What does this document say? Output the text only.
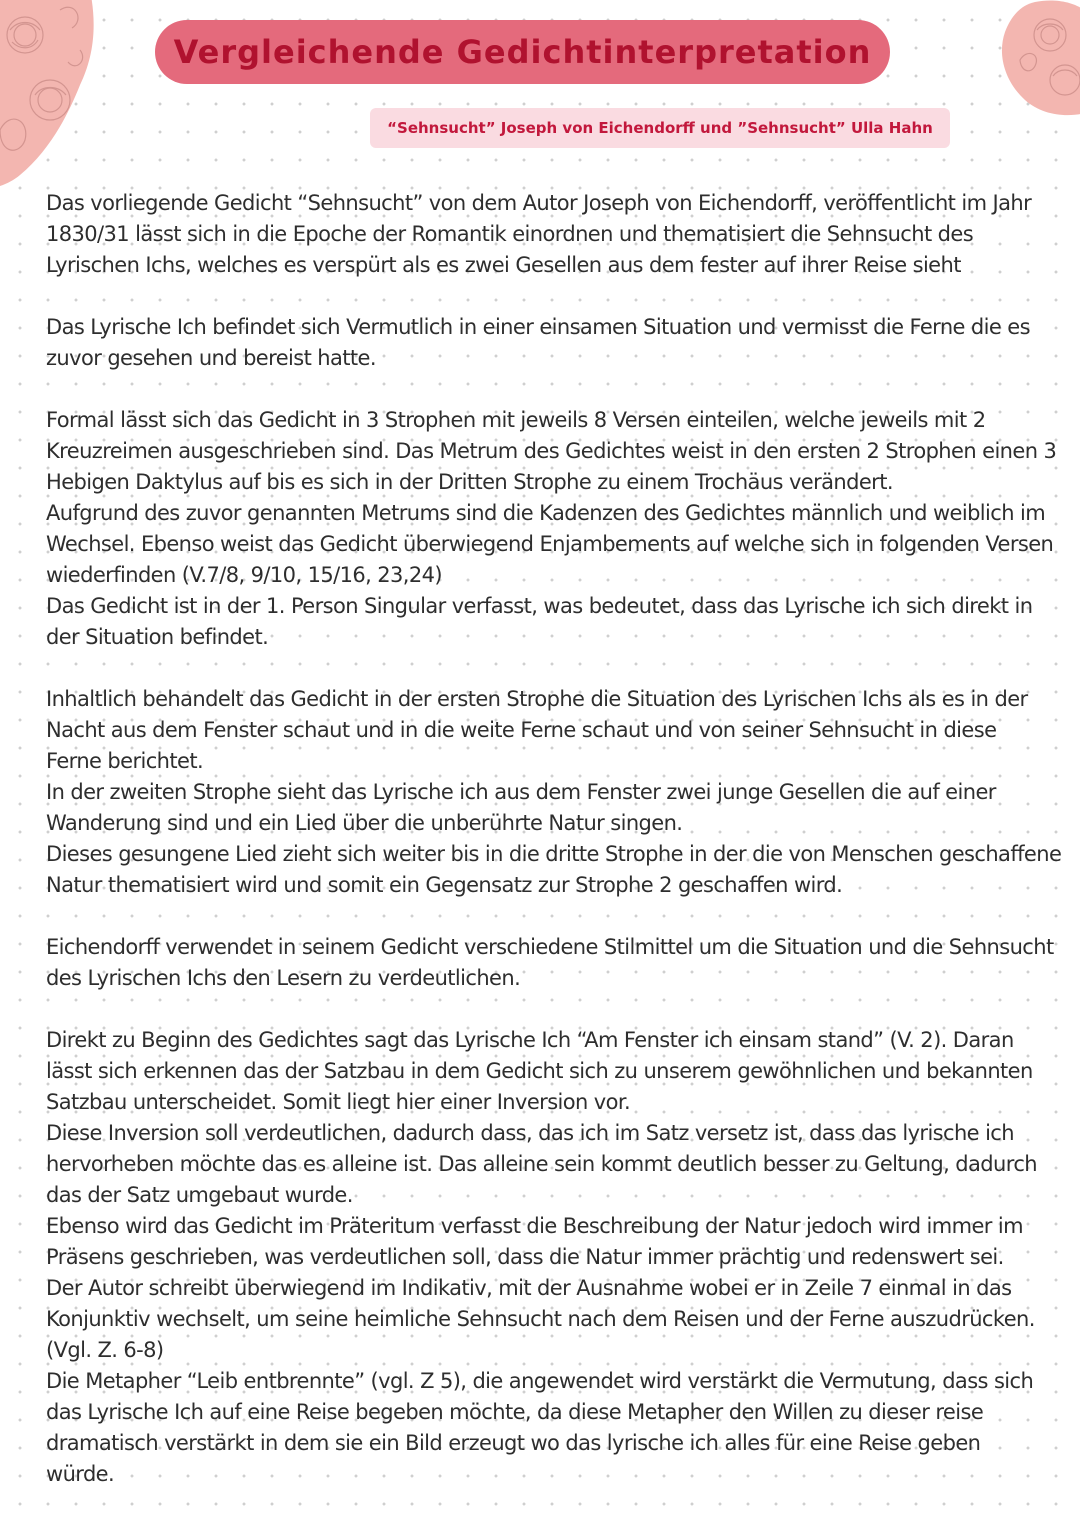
Vergleichende Gedichtinterpretation
“Sehnsucht” Joseph von Eichendorff und ”Sehnsucht” Ulla Hahn
Das vorliegende Gedicht “Sehnsucht” von dem Autor Joseph von Eichendorff, veröffentlicht im Jahr
1830/31 lässt sich in die Epoche der Romantik einordnen und thematisiert die Sehnsucht des
Lyrischen Ichs, welches es verspürt als es zwei Gesellen aus dem fester auf ihrer Reise sieht
Das Lyrische Ich befindet sich Vermutlich in einer einsamen Situation und vermisst die Ferne die es
zuvor gesehen und bereist hatte.
Formal lässt sich das Gedicht in 3 Strophen mit jeweils 8 Versen einteilen, welche jeweils mit 2
Kreuzreimen ausgeschrieben sind. Das Metrum des Gedichtes weist in den ersten 2 Strophen einen 3
Hebigen Daktylus auf bis es sich in der Dritten Strophe zu einem Trochäus verändert.
Aufgrund des zuvor genannten Metrums sind die Kadenzen des Gedichtes männlich und weiblich im
Wechsel. Ebenso weist das Gedicht überwiegend Enjambements auf welche sich in folgenden Versen
wiederfinden (V.7/8, 9/10, 15/16, 23,24)
Das Gedicht ist in der 1. Person Singular verfasst, was bedeutet, dass das Lyrische ich sich direkt in
der Situation befindet.
Inhaltlich behandelt das Gedicht in der ersten Strophe die Situation des Lyrischen Ichs als es in der
Nacht aus dem Fenster schaut und in die weite Ferne schaut und von seiner Sehnsucht in diese
Ferne berichtet.
In der zweiten Strophe sieht das Lyrische ich aus dem Fenster zwei junge Gesellen die auf einer
Wanderung sind und ein Lied über die unberührte Natur singen.
Dieses gesungene Lied zieht sich weiter bis in die dritte Strophe in der die von Menschen geschaffene
Natur thematisiert wird und somit ein Gegensatz zur Strophe 2 geschaffen wird.
Eichendorff verwendet in seinem Gedicht verschiedene Stilmittel um die Situation und die Sehnsucht
des Lyrischen Ichs den Lesern zu verdeutlichen.
Direkt zu Beginn des Gedichtes sagt das Lyrische Ich “Am Fenster ich einsam stand” (V. 2). Daran
lässt sich erkennen das der Satzbau in dem Gedicht sich zu unserem gewöhnlichen und bekannten
Satzbau unterscheidet. Somit liegt hier einer Inversion vor.
Diese Inversion soll verdeutlichen, dadurch dass, das ich im Satz versetz ist, dass das lyrische ich
hervorheben möchte das es alleine ist. Das alleine sein kommt deutlich besser zu Geltung, dadurch
das der Satz umgebaut wurde.
Ebenso wird das Gedicht im Präteritum verfasst die Beschreibung der Natur jedoch wird immer im
Präsens geschrieben, was verdeutlichen soll, dass die Natur immer prächtig und redenswert sei.
Der Autor schreibt überwiegend im Indikativ, mit der Ausnahme wobei er in Zeile 7 einmal in das
Konjunktiv wechselt, um seine heimliche Sehnsucht nach dem Reisen und der Ferne auszudrücken.
(Vgl. Z. 6-8)
Die Metapher “Leib entbrennte” (vgl. Z 5), die angewendet wird verstärkt die Vermutung, dass sich
das Lyrische Ich auf eine Reise begeben möchte, da diese Metapher den Willen zu dieser reise
dramatisch verstärkt in dem sie ein Bild erzeugt wo das lyrische ich alles für eine Reise geben
würde.
